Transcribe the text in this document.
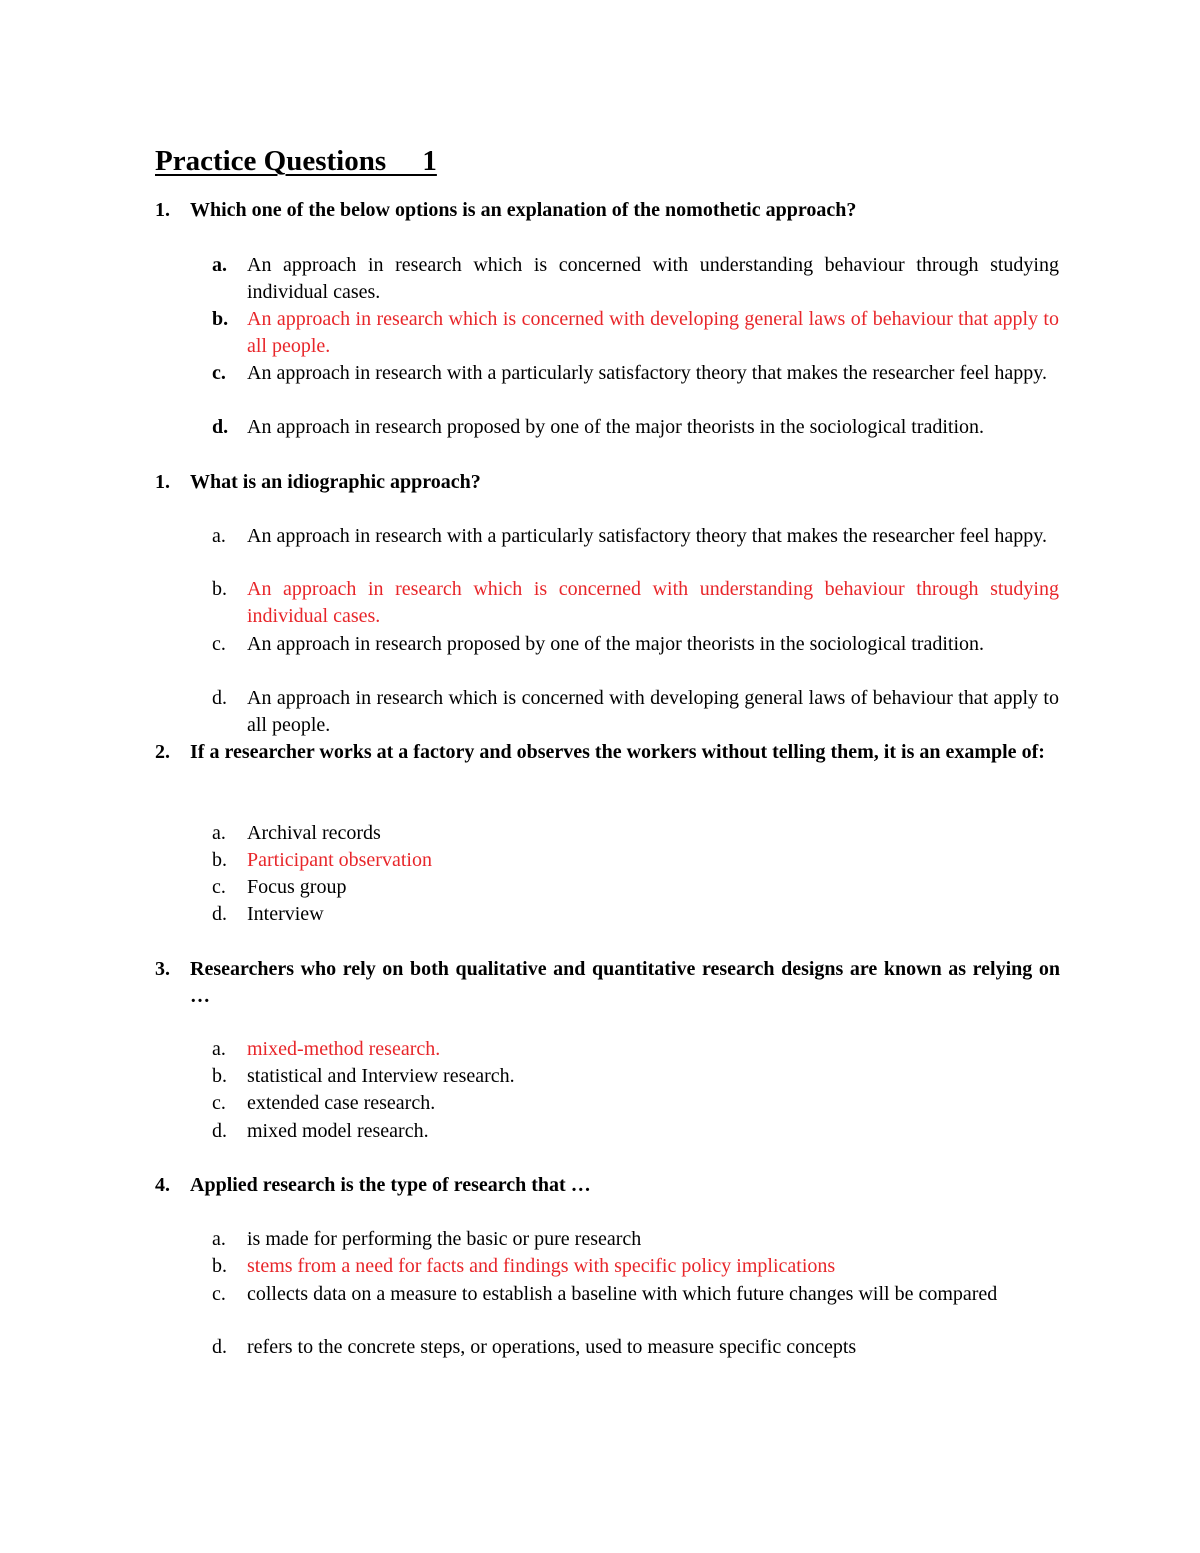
Practice Questions     1
1. Which one of the below options is an explanation of the nomothetic approach?
a. An approach in research which is concerned with understanding behaviour through studying individual cases.
b. An approach in research which is concerned with developing general laws of behaviour that apply to all people.
c. An approach in research with a particularly satisfactory theory that makes the researcher feel happy.
d. An approach in research proposed by one of the major theorists in the sociological tradition.
1. What is an idiographic approach?
a. An approach in research with a particularly satisfactory theory that makes the researcher feel happy.
b. An approach in research which is concerned with understanding behaviour through studying individual cases.
c. An approach in research proposed by one of the major theorists in the sociological tradition.
d. An approach in research which is concerned with developing general laws of behaviour that apply to all people.
2. If a researcher works at a factory and observes the workers without telling them, it is an example of:
a. Archival records
b. Participant observation
c. Focus group
d. Interview
3. Researchers who rely on both qualitative and quantitative research designs are known as relying on …
a. mixed-method research.
b. statistical and Interview research.
c. extended case research.
d. mixed model research.
4. Applied research is the type of research that …
a. is made for performing the basic or pure research
b. stems from a need for facts and findings with specific policy implications
c. collects data on a measure to establish a baseline with which future changes will be compared
d. refers to the concrete steps, or operations, used to measure specific concepts
